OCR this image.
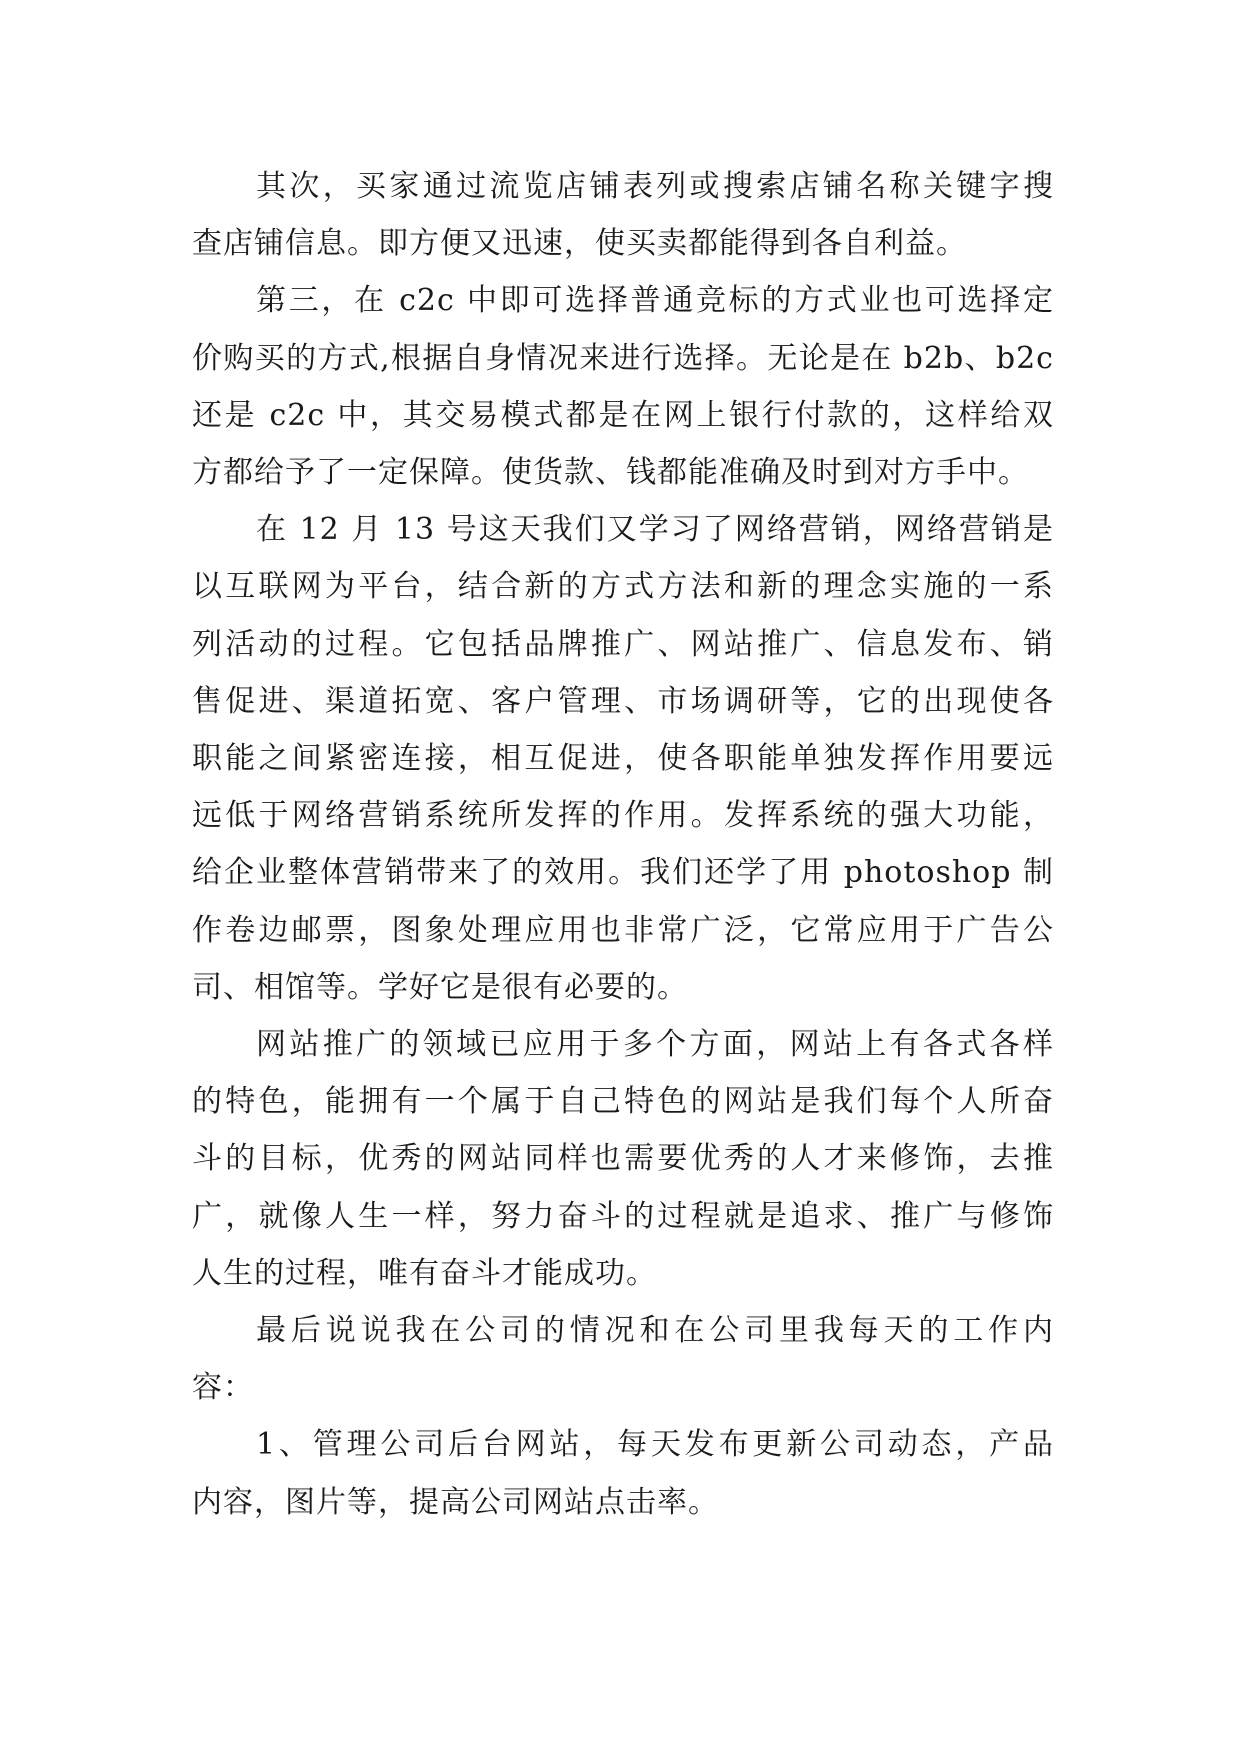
其次，买家通过流览店铺表列或搜索店铺名称关键字搜
查店铺信息。即方便又迅速，使买卖都能得到各自利益。
第三，在 c2c 中即可选择普通竞标的方式业也可选择定
价购买的方式,根据自身情况来进行选择。无论是在 b2b、b2c
还是 c2c 中，其交易模式都是在网上银行付款的，这样给双
方都给予了一定保障。使货款、钱都能准确及时到对方手中。
在 12 月 13 号这天我们又学习了网络营销，网络营销是
以互联网为平台，结合新的方式方法和新的理念实施的一系
列活动的过程。它包括品牌推广、网站推广、信息发布、销
售促进、渠道拓宽、客户管理、市场调研等，它的出现使各
职能之间紧密连接，相互促进，使各职能单独发挥作用要远
远低于网络营销系统所发挥的作用。发挥系统的强大功能，
给企业整体营销带来了的效用。我们还学了用 photoshop 制
作卷边邮票，图象处理应用也非常广泛，它常应用于广告公
司、相馆等。学好它是很有必要的。
网站推广的领域已应用于多个方面，网站上有各式各样
的特色，能拥有一个属于自己特色的网站是我们每个人所奋
斗的目标，优秀的网站同样也需要优秀的人才来修饰，去推
广，就像人生一样，努力奋斗的过程就是追求、推广与修饰
人生的过程，唯有奋斗才能成功。
最后说说我在公司的情况和在公司里我每天的工作内
容：
1、管理公司后台网站，每天发布更新公司动态，产品
内容，图片等，提高公司网站点击率。
